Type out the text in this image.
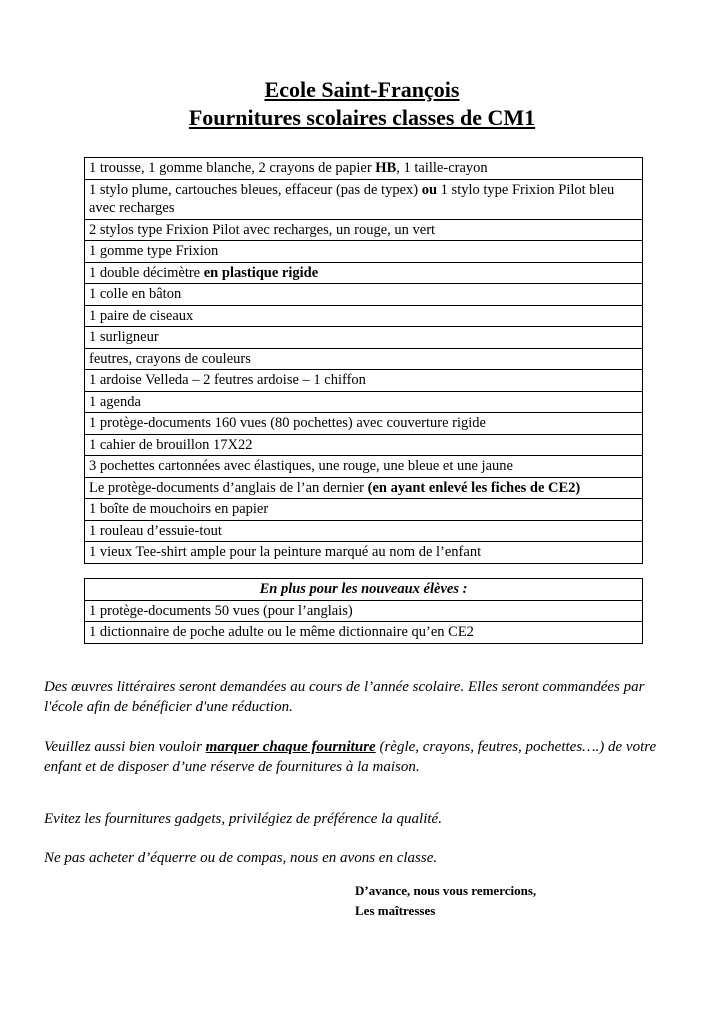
Ecole Saint-François
Fournitures scolaires classes de CM1
1 trousse, 1 gomme blanche, 2 crayons de papier HB, 1 taille-crayon
1 stylo plume, cartouches bleues, effaceur (pas de typex) ou 1 stylo type Frixion Pilot bleu avec recharges
2 stylos type Frixion Pilot avec recharges, un rouge, un vert
1 gomme type Frixion
1 double décimètre en plastique rigide
1 colle en bâton
1 paire de ciseaux
1 surligneur
feutres, crayons de couleurs
1 ardoise Velleda – 2 feutres ardoise – 1 chiffon
1 agenda
1 protège-documents 160 vues (80 pochettes) avec couverture rigide
1 cahier de brouillon 17X22
3 pochettes cartonnées avec élastiques, une rouge, une bleue et une jaune
Le protège-documents d’anglais de l’an dernier (en ayant enlevé les fiches de CE2)
1 boîte de mouchoirs en papier
1 rouleau d’essuie-tout
1 vieux Tee-shirt ample pour la peinture marqué au nom de l’enfant
En plus pour les nouveaux élèves :
1 protège-documents 50 vues (pour l’anglais)
1 dictionnaire de poche adulte ou le même dictionnaire qu’en CE2
Des œuvres littéraires seront demandées au cours de l’année scolaire. Elles seront commandées par l'école afin de bénéficier d'une réduction.
Veuillez aussi bien vouloir marquer chaque fourniture (règle, crayons, feutres, pochettes….) de votre enfant et de disposer d’une réserve de fournitures à la maison.
Evitez les fournitures gadgets, privilégiez de préférence la qualité.
Ne pas acheter d’équerre ou de compas, nous en avons en classe.
D’avance, nous vous remercions,
Les maîtresses
